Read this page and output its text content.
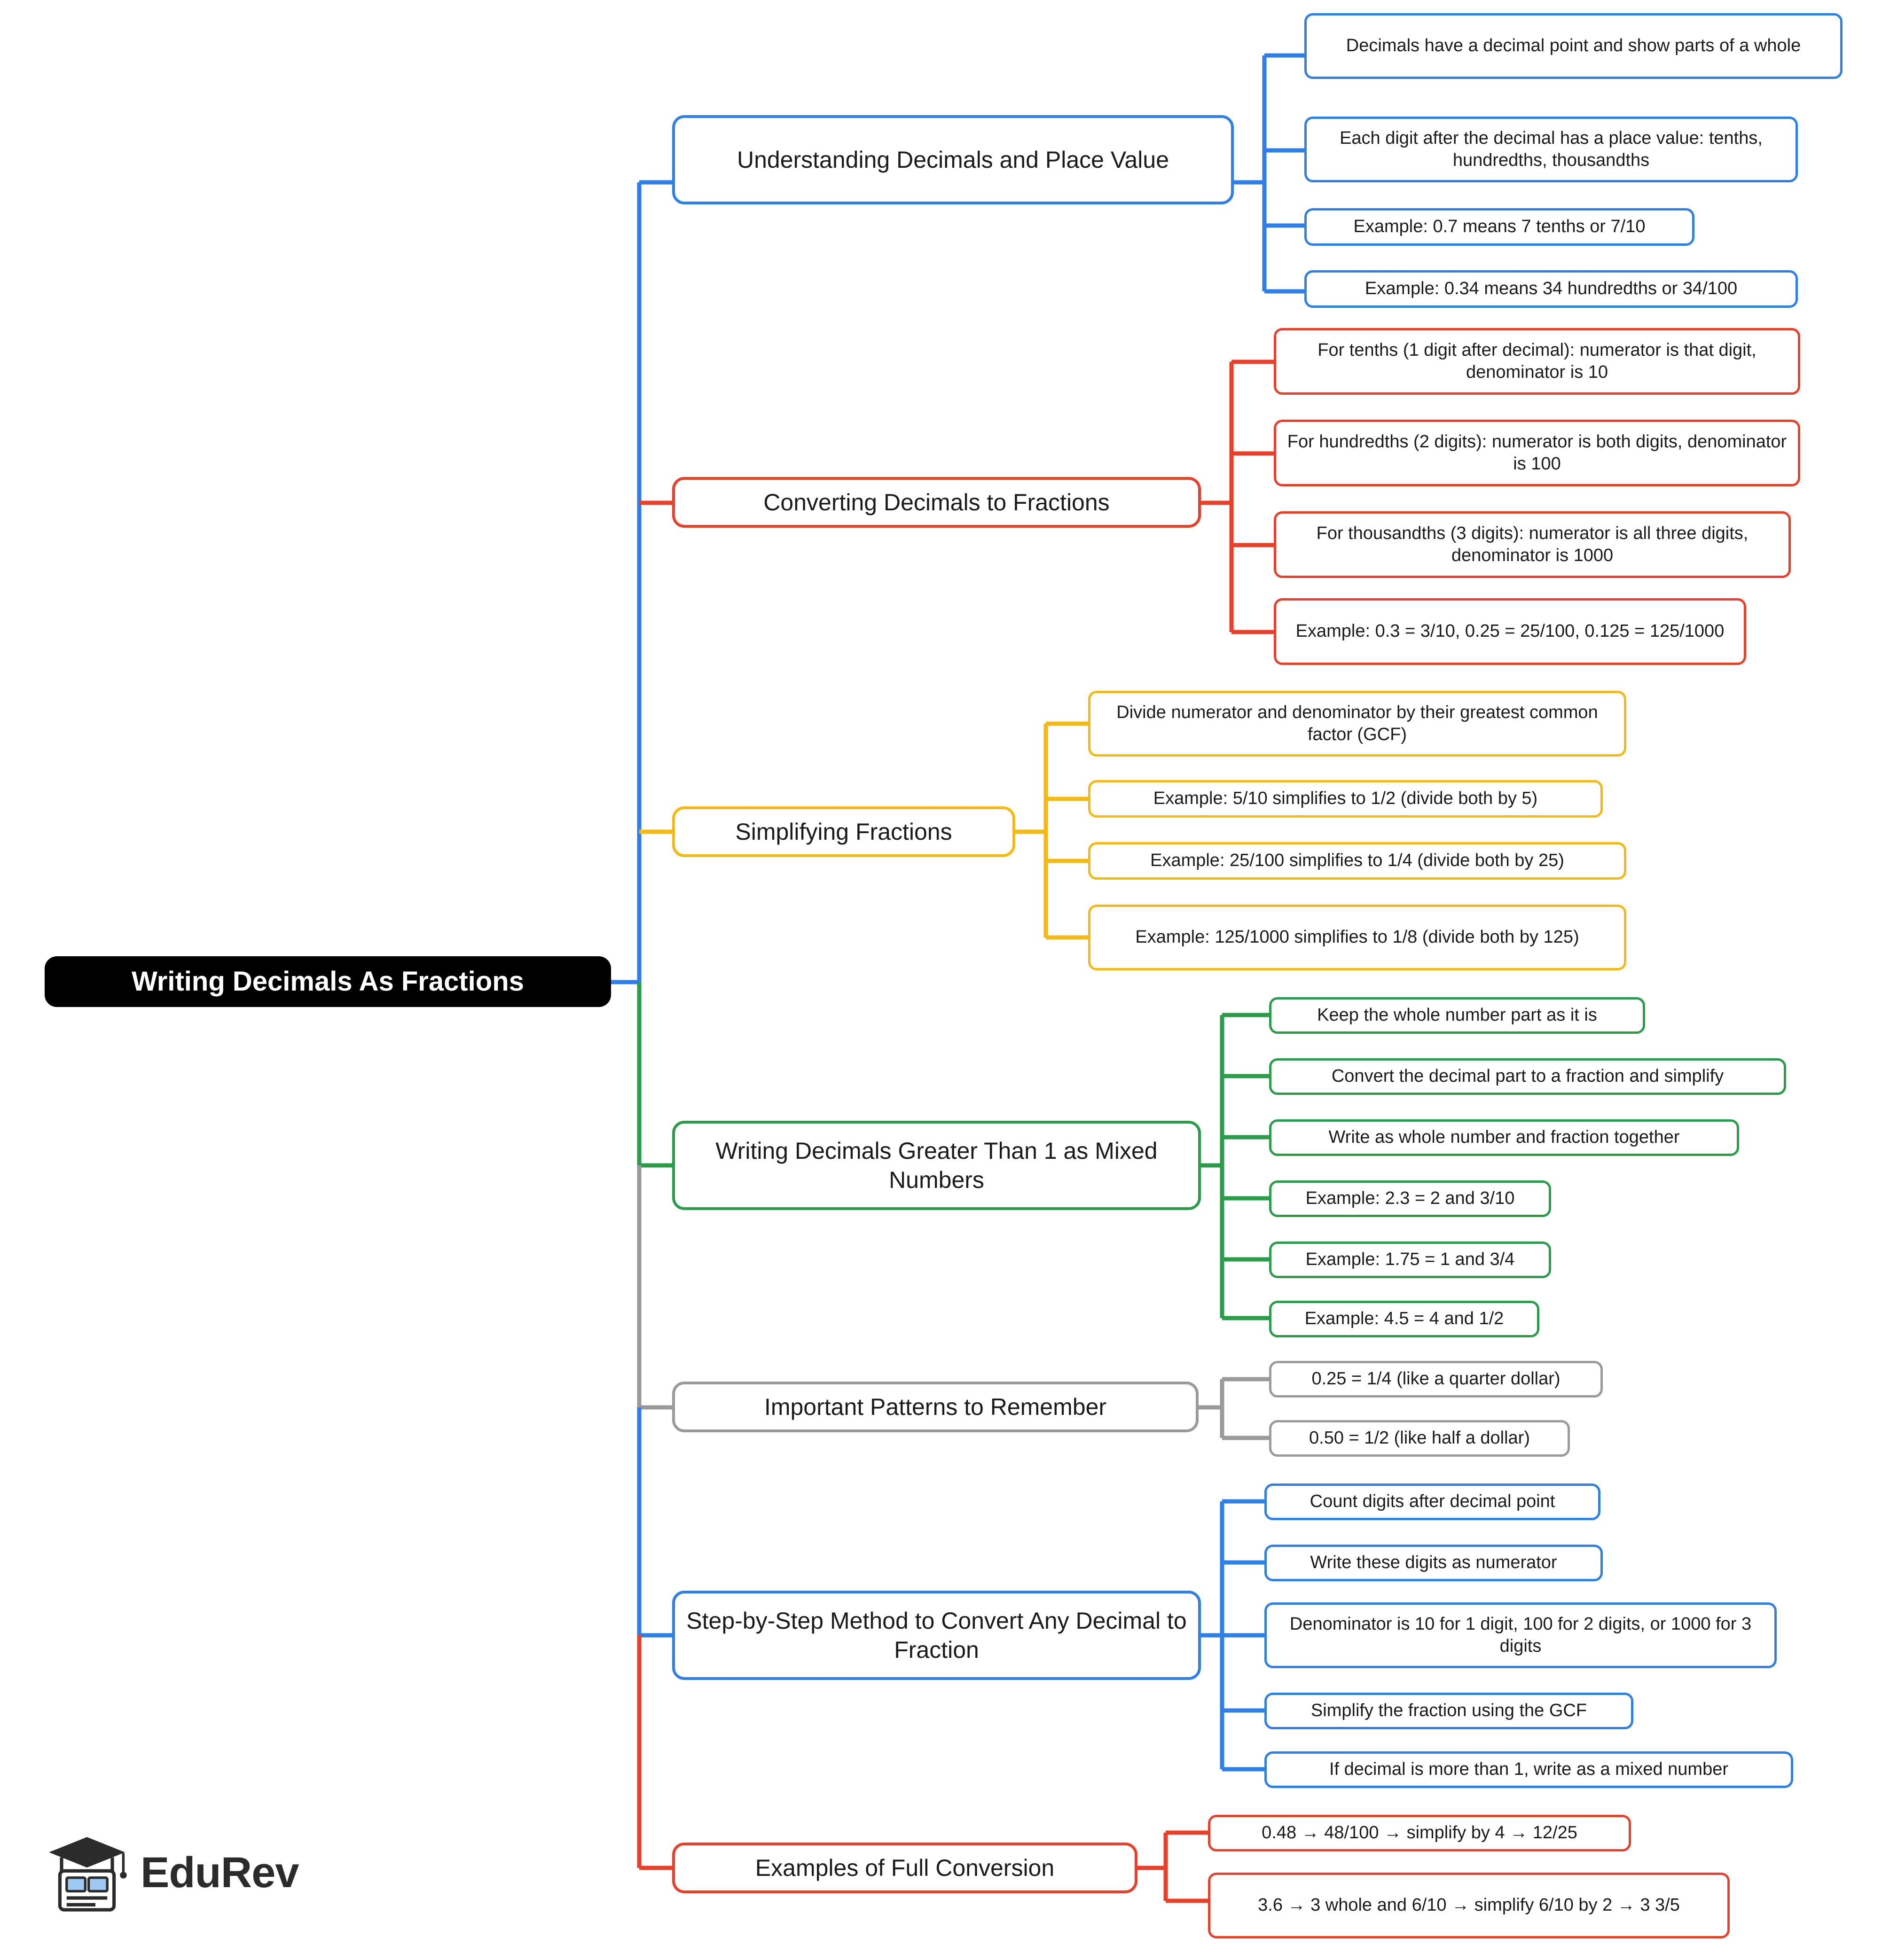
Writing Decimals As Fractions
Understanding Decimals and Place Value
Decimals have a decimal point and show parts of a whole
Each digit after the decimal has a place value: tenths, hundredths, thousandths
Example: 0.7 means 7 tenths or 7/10
Example: 0.34 means 34 hundredths or 34/100
Converting Decimals to Fractions
For tenths (1 digit after decimal): numerator is that digit, denominator is 10
For hundredths (2 digits): numerator is both digits, denominator is 100
For thousandths (3 digits): numerator is all three digits, denominator is 1000
Example: 0.3 = 3/10, 0.25 = 25/100, 0.125 = 125/1000
Simplifying Fractions
Divide numerator and denominator by their greatest common factor (GCF)
Example: 5/10 simplifies to 1/2 (divide both by 5)
Example: 25/100 simplifies to 1/4 (divide both by 25)
Example: 125/1000 simplifies to 1/8 (divide both by 125)
Writing Decimals Greater Than 1 as Mixed Numbers
Keep the whole number part as it is
Convert the decimal part to a fraction and simplify
Write as whole number and fraction together
Example: 2.3 = 2 and 3/10
Example: 1.75 = 1 and 3/4
Example: 4.5 = 4 and 1/2
Important Patterns to Remember
0.25 = 1/4 (like a quarter dollar)
0.50 = 1/2 (like half a dollar)
Step-by-Step Method to Convert Any Decimal to Fraction
Count digits after decimal point
Write these digits as numerator
Denominator is 10 for 1 digit, 100 for 2 digits, or 1000 for 3 digits
Simplify the fraction using the GCF
If decimal is more than 1, write as a mixed number
Examples of Full Conversion
0.48 → 48/100 → simplify by 4 → 12/25
3.6 → 3 whole and 6/10 → simplify 6/10 by 2 → 3 3/5
EduRev
